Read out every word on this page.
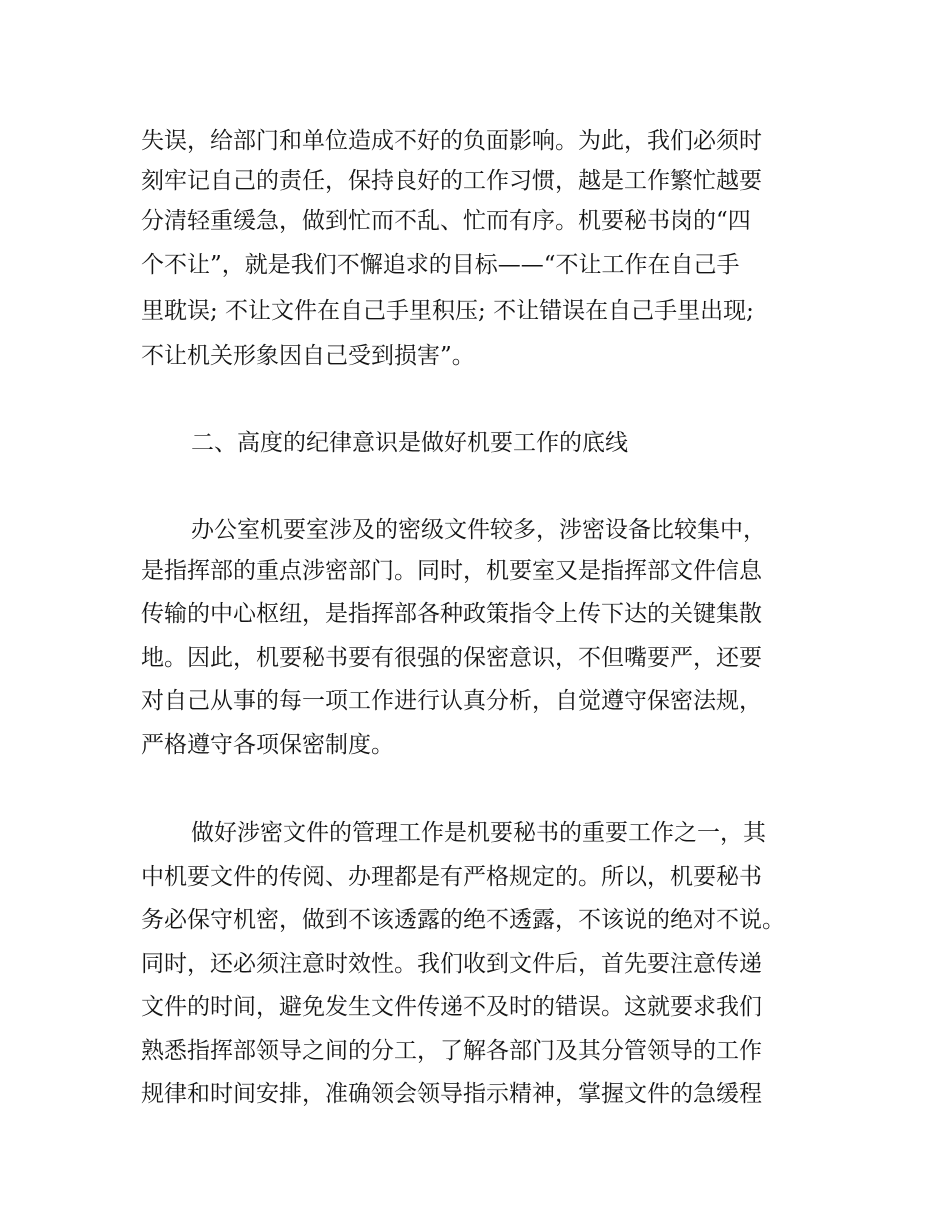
失误，给部门和单位造成不好的负面影响。为此，我们必须时
刻牢记自己的责任，保持良好的工作习惯，越是工作繁忙越要
分清轻重缓急，做到忙而不乱、忙而有序。机要秘书岗的“四
个不让”，就是我们不懈追求的目标——“不让工作在自己手
里耽误; 不让文件在自己手里积压; 不让错误在自己手里出现;
不让机关形象因自己受到损害”。
二、高度的纪律意识是做好机要工作的底线
办公室机要室涉及的密级文件较多，涉密设备比较集中，
是指挥部的重点涉密部门。同时，机要室又是指挥部文件信息
传输的中心枢纽，是指挥部各种政策指令上传下达的关键集散
地。因此，机要秘书要有很强的保密意识，不但嘴要严，还要
对自己从事的每一项工作进行认真分析，自觉遵守保密法规，
严格遵守各项保密制度。
做好涉密文件的管理工作是机要秘书的重要工作之一，其
中机要文件的传阅、办理都是有严格规定的。所以，机要秘书
务必保守机密，做到不该透露的绝不透露，不该说的绝对不说。
同时，还必须注意时效性。我们收到文件后，首先要注意传递
文件的时间，避免发生文件传递不及时的错误。这就要求我们
熟悉指挥部领导之间的分工，了解各部门及其分管领导的工作
规律和时间安排，准确领会领导指示精神，掌握文件的急缓程
